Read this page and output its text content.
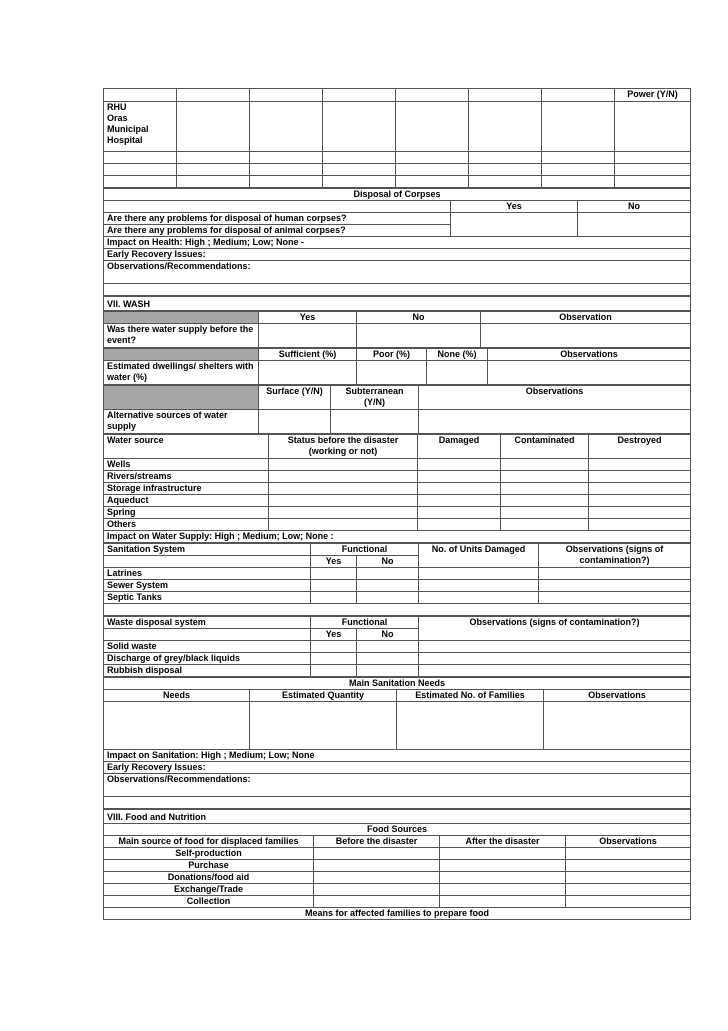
							Power (Y/N)

RHU
Oras
Municipal
Hospital							

Disposal of Corpses		
	Yes	No
Are there any problems for disposal of human corpses?		
Are there any problems for disposal of animal corpses?		
Impact on Health: High ; Medium; Low; None -		
Early Recovery Issues:		
Observations/Recommendations:		

VII. WASH
	Yes	No	Observation
Was there water supply before the event?			
	Sufficient (%)	Poor (%)	None (%)	Observations
Estimated dwellings/ shelters with water (%)				
	Surface (Y/N)	Subterranean (Y/N)	Observations
Alternative sources of water supply			
Water source	Status before the disaster (working or not)	Damaged	Contaminated	Destroyed
Wells				
Rivers/streams				
Storage infrastructure				
Aqueduct				
Spring				
Others				
Impact on Water Supply: High ; Medium; Low; None :				
Sanitation System	Functional		No. of Units Damaged	Observations (signs of contamination?)
	Yes	No		
Latrines				
Sewer System				
Septic Tanks				

Waste disposal system	Functional		Observations (signs of contamination?)
	Yes	No	
Solid waste			
Discharge of grey/black liquids			
Rubbish disposal			
Main Sanitation Needs			
Needs	Estimated Quantity	Estimated No. of Families	Observations

Impact on Sanitation: High ; Medium; Low; None			
Early Recovery Issues:			
Observations/Recommendations:			

VIII. Food and Nutrition			
Food Sources			
Main source of food for displaced families	Before the disaster	After the disaster	Observations
Self-production			
Purchase			
Donations/food aid			
Exchange/Trade			
Collection			
Means for affected families to prepare food			
